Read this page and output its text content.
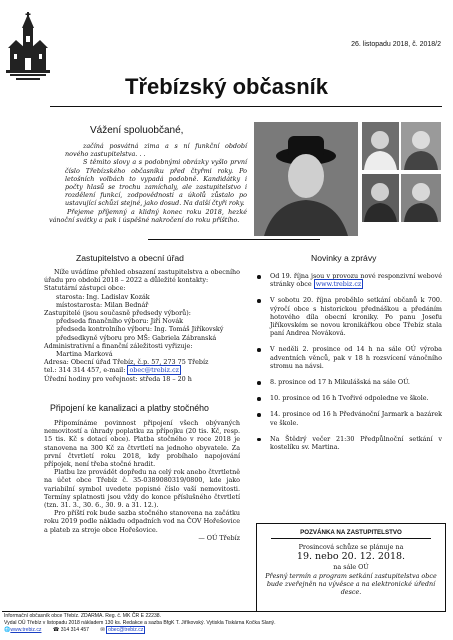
26. listopadu 2018, č. 2018/2
Třebízský občasník
Vážení spoluobčané,

začíná posvátná zima a s ní funkční období nového zastupitelstva. . .

S těmito slovy a s podobnými obrázky vyšlo první číslo Třebízského občasníku před čtyřmi roky. Po letošních volbách to vypadá podobně. Kandidátky i počty hlasů se trochu zamíchaly, ale zastupitelstvo i rozdělení funkcí, zodpovědnosti a úkolů zůstalo po ustavující schůzi stejné, jako dosud. Na další čtyři roky.

Přejeme příjemný a klidný konec roku 2018, hezké vánoční svátky a pak i úspěšné nakročení do roku příštího.

Zastupitelstvo a obecní úřad

Níže uvádíme přehled obsazení zastupitelstva a obecního úřadu pro období 2018 – 2022 a důležité kontakty:

Statutární zástupci obce:

starosta: Ing. Ladislav Kozák

místostarosta: Milan Bednář

Zastupitelé (jsou současně předsedy výborů):

předseda finančního výboru: Jiří Novák

předseda kontrolního výboru: Ing. Tomáš Jiříkovský

předsedkyně výboru pro MŠ: Gabriela Zábranská

Administrativní a finanční záležitosti vyřizuje:

Martina Marková

Adresa: Obecní úřad Třebíz, č.p. 57, 273 75 Třebíz

tel.: 314 314 457, e-mail: obec@trebiz.cz

Úřední hodiny pro veřejnost: středa 18 – 20 h

Připojení ke kanalizaci a platby stočného

Připomínáme povinnost připojení všech obývaných nemovitostí a úhrady poplatku za přípojku (20 tis. Kč, resp. 15 tis. Kč s dotací obce). Platba stočného v roce 2018 je stanovena na 300 Kč za čtvrtletí na jednoho obyvatele. Za první čtvrtletí roku 2018, kdy probíhalo napojování přípojek, není třeba stočné hradit.

Platbu lze provádět dopředu na celý rok anebo čtvrtletně na účet obce Třebíz č. 35-0389080319/0800, kde jako variabilní symbol uvedete popisné číslo vaší nemovitosti. Termíny splatnosti jsou vždy do konce příslušného čtvrtletí (tzn. 31. 3., 30. 6., 30. 9. a 31. 12.).

Pro příští rok bude sazba stočného stanovena na začátku roku 2019 podle nákladu odpadních vod na ČOV Hořešovice a plateb za stroje obce Hořešovice.

— OÚ Třebíz

Novinky a zprávy
Od 19. října jsou v provozu nové responzivní webové stránky obce www.trebiz.cz
V sobotu 20. října proběhlo setkání občanů k 700. výročí obce s historickou přednáškou a předáním hotového díla obecní kroniky. Po panu Josefu Jiříkovském se novou kronikářkou obce Třebíz stala paní Andrea Nováková.
V neděli 2. prosince od 14 h na sále OÚ výroba adventních věnců, pak v 18 h rozsvícení vánočního stromu na návsi.
8. prosince od 17 h Mikulášská na sále OÚ.
10. prosince od 16 h Tvořivé odpoledne ve škole.
14. prosince od 16 h Předvánoční Jarmark a bazárek ve škole.
Na Štědrý večer 21:30 Předpůlnoční setkání v kostelíku sv. Martina.
POZVÁNKA NA ZASTUPITELSTVO
Prosincová schůze se plánuje na
19. nebo 20. 12. 2018.
na sále OÚ
Přesný termín a program setkání zastupitelstva obce bude zveřejněn na vývěsce a na elektronické úřední desce.
Informační občasník obce Třebíz. ZDARMA. Reg. č. MK ČR E 22238.
Vydal OÚ Třebíz v listopadu 2018 nákladem 130 ks. Redakce a sazba BfgK T. Jiříkovský. Vytiskla Tiskárna Kočka Slaný.
🌐www.trebiz.cz ☎ 314 314 457 ✉ obec@trebiz.cz
